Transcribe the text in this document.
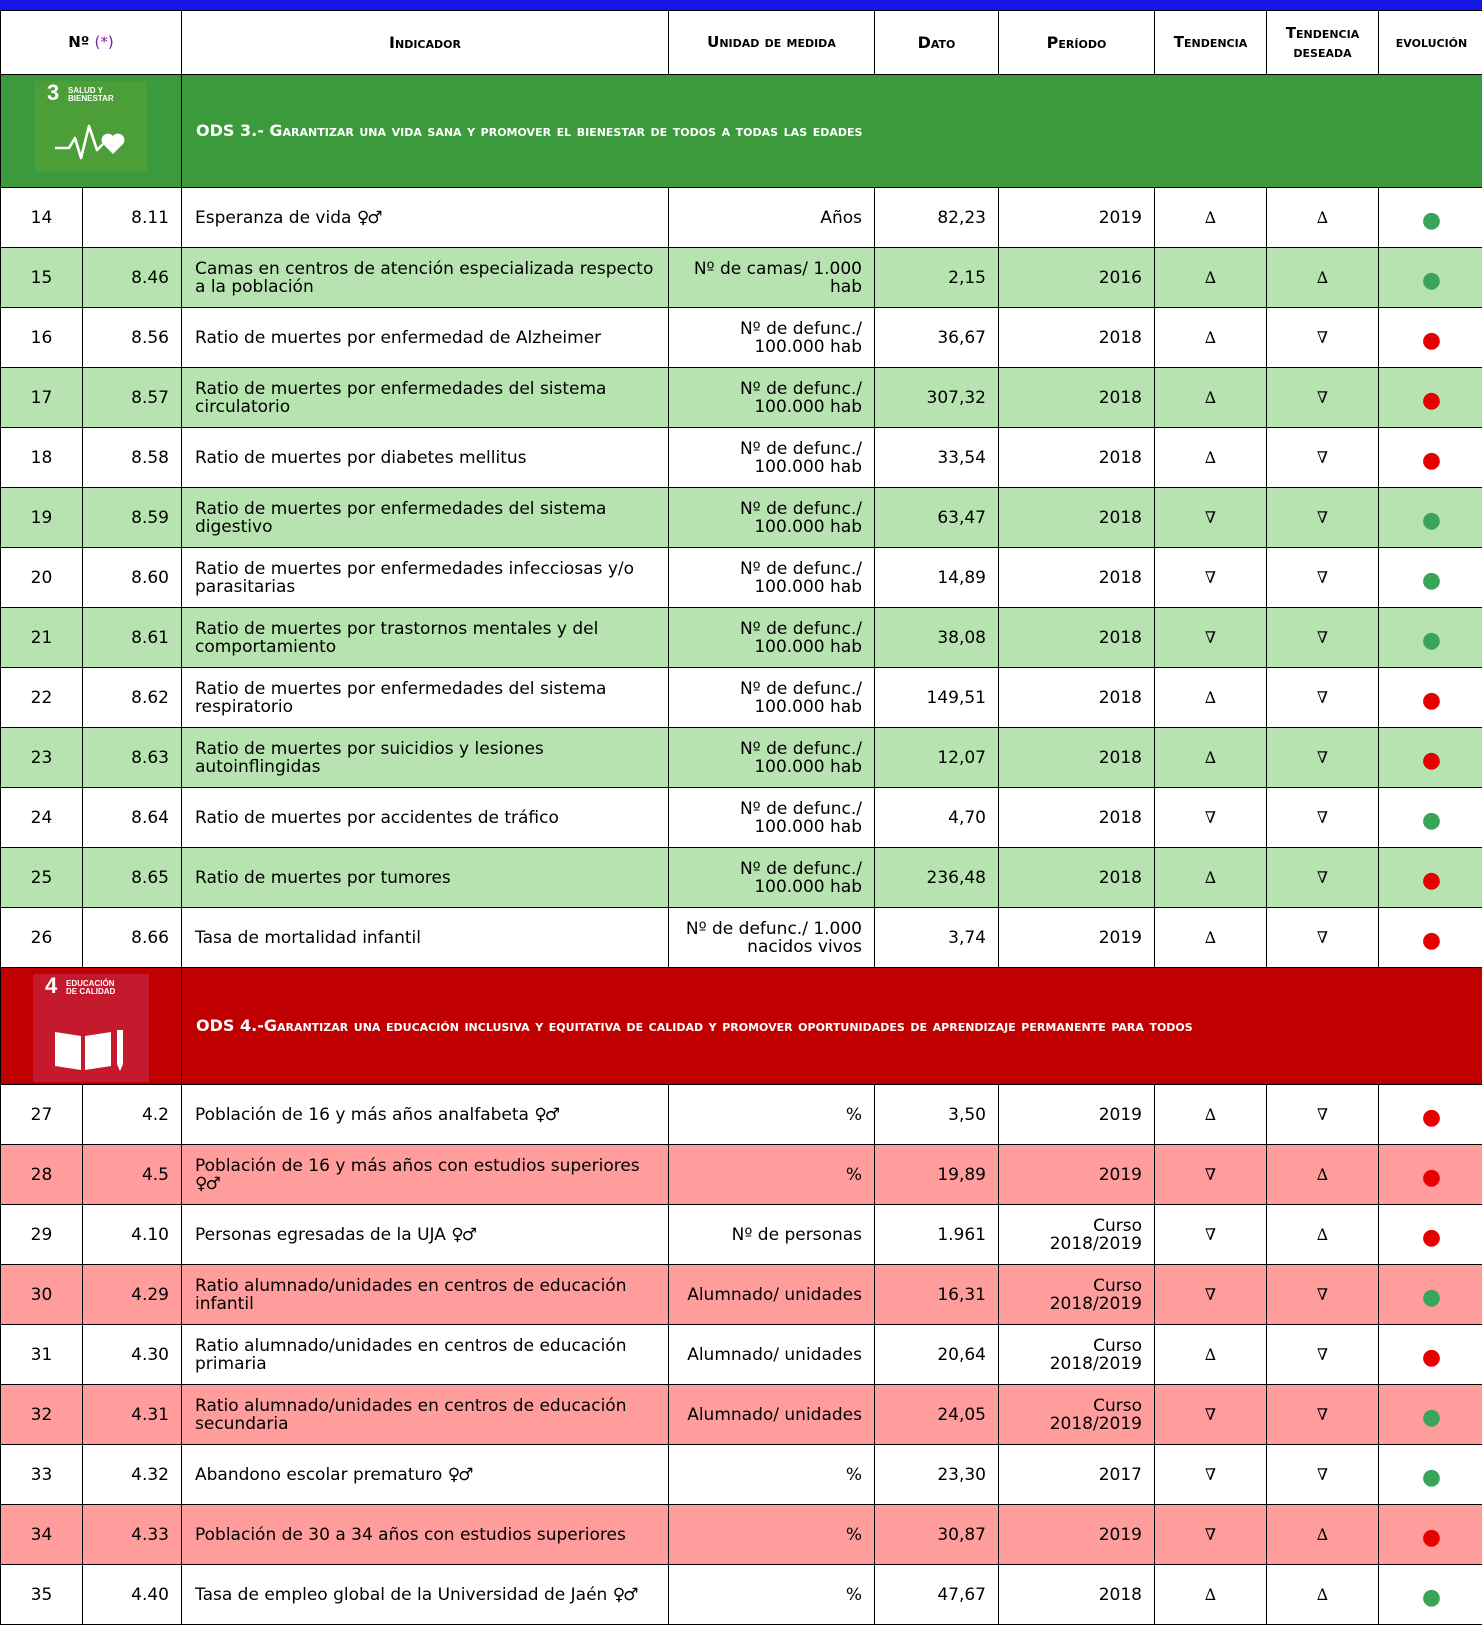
Nº (*)		Indicador	Unidad de medida	Dato	Período	Tendencia	Tendencia deseada	evolución

3 SALUD Y BIENESTAR		ODS 3.- Garantizar una vida sana y promover el bienestar de todos a todas las edades						
14	8.11	Esperanza de vida ♀♂	Años	82,23	2019	∆	∆	●
15	8.46	Camas en centros de atención especializada respecto a la población	Nº de camas/ 1.000 hab	2,15	2016	∆	∆	●
16	8.56	Ratio de muertes por enfermedad de Alzheimer	Nº de defunc./ 100.000 hab	36,67	2018	∆	∇	●
17	8.57	Ratio de muertes por enfermedades del sistema circulatorio	Nº de defunc./ 100.000 hab	307,32	2018	∆	∇	●
18	8.58	Ratio de muertes por diabetes mellitus	Nº de defunc./ 100.000 hab	33,54	2018	∆	∇	●
19	8.59	Ratio de muertes por enfermedades del sistema digestivo	Nº de defunc./ 100.000 hab	63,47	2018	∇	∇	●
20	8.60	Ratio de muertes por enfermedades infecciosas y/o parasitarias	Nº de defunc./ 100.000 hab	14,89	2018	∇	∇	●
21	8.61	Ratio de muertes por trastornos mentales y del comportamiento	Nº de defunc./ 100.000 hab	38,08	2018	∇	∇	●
22	8.62	Ratio de muertes por enfermedades del sistema respiratorio	Nº de defunc./ 100.000 hab	149,51	2018	∆	∇	●
23	8.63	Ratio de muertes por suicidios y lesiones autoinflingidas	Nº de defunc./ 100.000 hab	12,07	2018	∆	∇	●
24	8.64	Ratio de muertes por accidentes de tráfico	Nº de defunc./ 100.000 hab	4,70	2018	∇	∇	●
25	8.65	Ratio de muertes por tumores	Nº de defunc./ 100.000 hab	236,48	2018	∆	∇	●
26	8.66	Tasa de mortalidad infantil	Nº de defunc./ 1.000 nacidos vivos	3,74	2019	∆	∇	●

4 EDUCACIÓN DE CALIDAD		ODS 4.-Garantizar una educación inclusiva y equitativa de calidad y promover oportunidades de aprendizaje permanente para todos						
27	4.2	Población de 16 y más años analfabeta ♀♂	%	3,50	2019	∆	∇	●
28	4.5	Población de 16 y más años con estudios superiores ♀♂	%	19,89	2019	∇	∆	●
29	4.10	Personas egresadas de la UJA ♀♂	Nº de personas	1.961	Curso 2018/2019	∇	∆	●
30	4.29	Ratio alumnado/unidades en centros de educación infantil	Alumnado/ unidades	16,31	Curso 2018/2019	∇	∇	●
31	4.30	Ratio alumnado/unidades en centros de educación primaria	Alumnado/ unidades	20,64	Curso 2018/2019	∆	∇	●
32	4.31	Ratio alumnado/unidades en centros de educación secundaria	Alumnado/ unidades	24,05	Curso 2018/2019	∇	∇	●
33	4.32	Abandono escolar prematuro ♀♂	%	23,30	2017	∇	∇	●
34	4.33	Población de 30 a 34 años con estudios superiores	%	30,87	2019	∇	∆	●
35	4.40	Tasa de empleo global de la Universidad de Jaén ♀♂	%	47,67	2018	∆	∆	●
